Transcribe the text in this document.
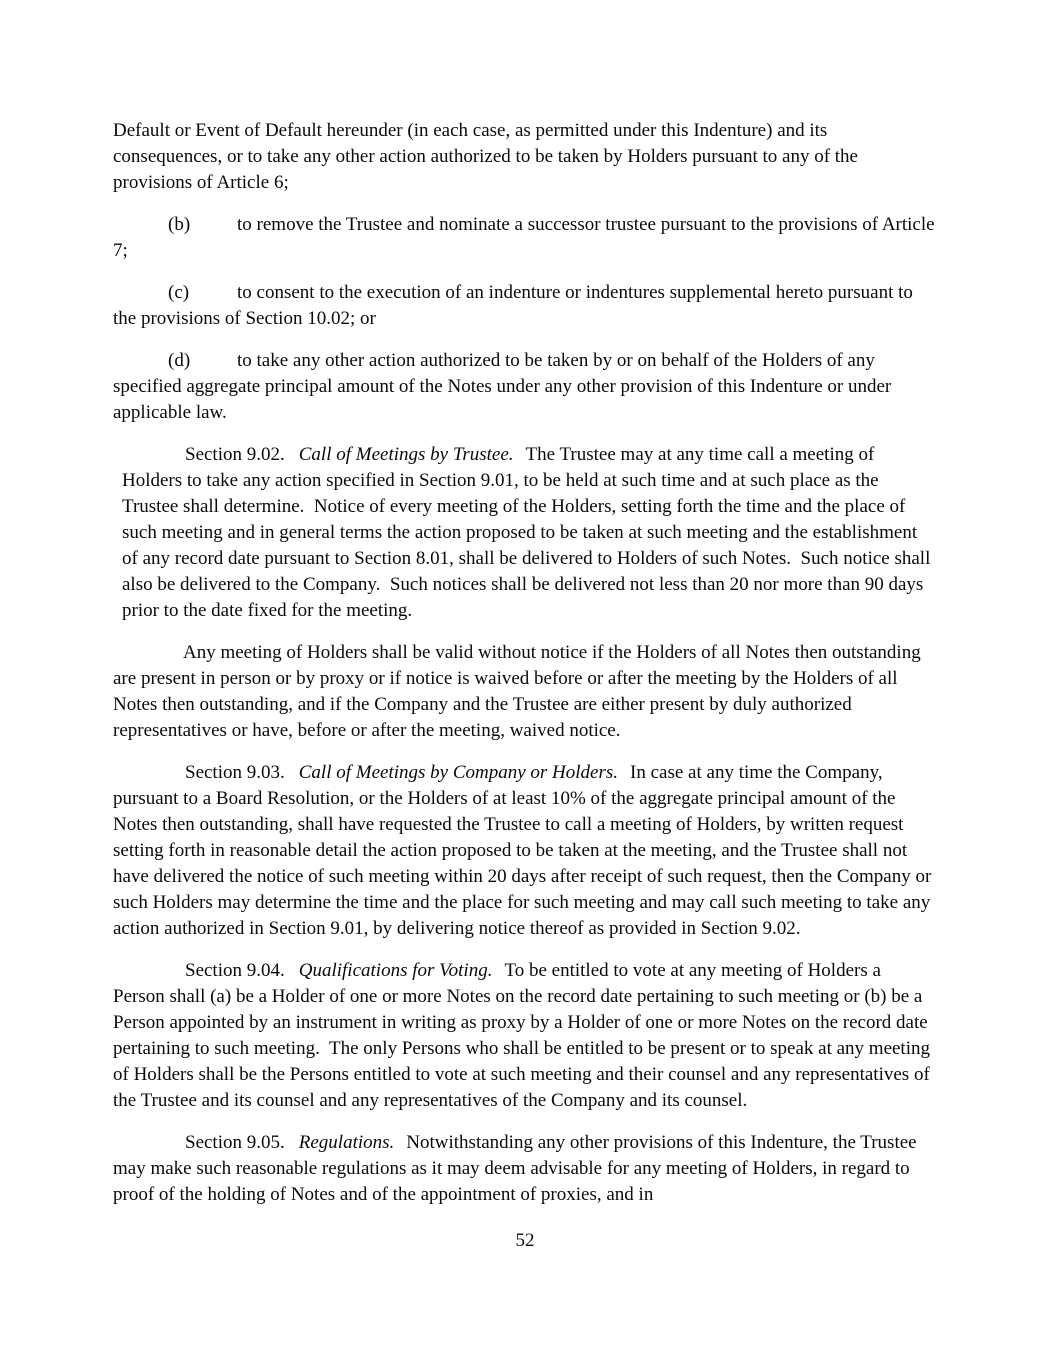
Default or Event of Default hereunder (in each case, as permitted under this Indenture) and its consequences, or to take any other action authorized to be taken by Holders pursuant to any of the provisions of Article 6;

(b) to remove the Trustee and nominate a successor trustee pursuant to the provisions of Article 7;

(c)	to consent to the execution of an indenture or indentures supplemental hereto pursuant to the provisions of Section 10.02; or

(d) to take any other action authorized to be taken by or on behalf of the Holders of any specified aggregate principal amount of the Notes under any other provision of this Indenture or under applicable law.

Section 9.02. Call of Meetings by Trustee. The Trustee may at any time call a meeting of Holders to take any action specified in Section 9.01, to be held at such time and at such place as the Trustee shall determine.  Notice of every meeting of the Holders, setting forth the time and the place of such meeting and in general terms the action proposed to be taken at such meeting and the establishment of any record date pursuant to Section 8.01, shall be delivered to Holders of such Notes.  Such notice shall also be delivered to the Company.  Such notices shall be delivered not less than 20 nor more than 90 days prior to the date fixed for the meeting.

Any meeting of Holders shall be valid without notice if the Holders of all Notes then outstanding are present in person or by proxy or if notice is waived before or after the meeting by the Holders of all Notes then outstanding, and if the Company and the Trustee are either present by duly authorized representatives or have, before or after the meeting, waived notice.

Section 9.03. Call of Meetings by Company or Holders. In case at any time the Company, pursuant to a Board Resolution, or the Holders of at least 10% of the aggregate principal amount of the Notes then outstanding, shall have requested the Trustee to call a meeting of Holders, by written request setting forth in reasonable detail the action proposed to be taken at the meeting, and the Trustee shall not have delivered the notice of such meeting within 20 days after receipt of such request, then the Company or such Holders may determine the time and the place for such meeting and may call such meeting to take any action authorized in Section 9.01, by delivering notice thereof as provided in Section 9.02.

Section 9.04. Qualifications for Voting. To be entitled to vote at any meeting of Holders a Person shall (a) be a Holder of one or more Notes on the record date pertaining to such meeting or (b) be a Person appointed by an instrument in writing as proxy by a Holder of one or more Notes on the record date pertaining to such meeting.  The only Persons who shall be entitled to be present or to speak at any meeting of Holders shall be the Persons entitled to vote at such meeting and their counsel and any representatives of the Trustee and its counsel and any representatives of the Company and its counsel.

Section 9.05. Regulations. Notwithstanding any other provisions of this Indenture, the Trustee may make such reasonable regulations as it may deem advisable for any meeting of Holders, in regard to proof of the holding of Notes and of the appointment of proxies, and in

52
